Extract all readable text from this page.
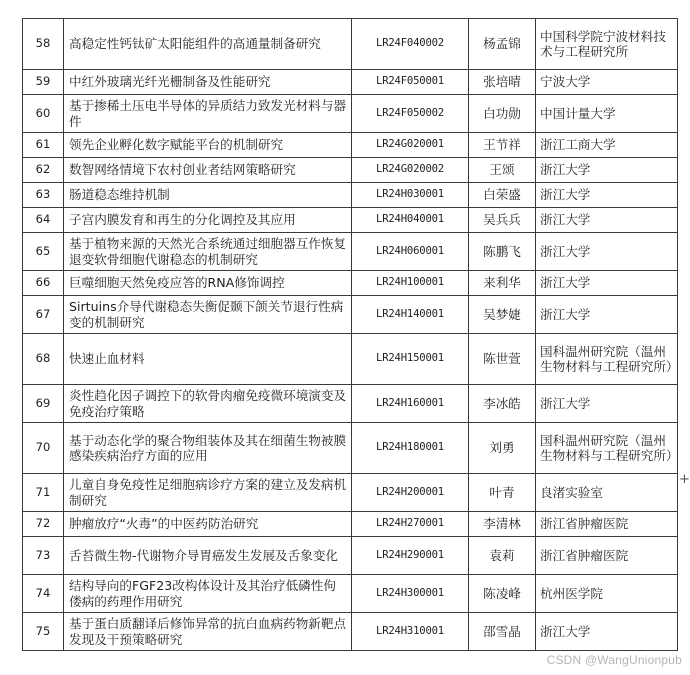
58	高稳定性钙钛矿太阳能组件的高通量制备研究	LR24F040002	杨孟锦	中国科学院宁波材料技术与工程研究所
59	中红外玻璃光纤光栅制备及性能研究	LR24F050001	张培晴	宁波大学
60	基于掺稀土压电半导体的异质结力致发光材料与器件	LR24F050002	白功勋	中国计量大学
61	领先企业孵化数字赋能平台的机制研究	LR24G020001	王节祥	浙江工商大学
62	数智网络情境下农村创业者结网策略研究	LR24G020002	王颂	浙江大学
63	肠道稳态维持机制	LR24H030001	白荣盛	浙江大学
64	子宫内膜发育和再生的分化调控及其应用	LR24H040001	吴兵兵	浙江大学
65	基于植物来源的天然光合系统通过细胞器互作恢复退变软骨细胞代谢稳态的机制研究	LR24H060001	陈鹏飞	浙江大学
66	巨噬细胞天然免疫应答的RNA修饰调控	LR24H100001	来利华	浙江大学
67	Sirtuins介导代谢稳态失衡促颞下颌关节退行性病变的机制研究	LR24H140001	吴梦婕	浙江大学
68	快速止血材料	LR24H150001	陈世萱	国科温州研究院（温州生物材料与工程研究所）
69	炎性趋化因子调控下的软骨肉瘤免疫微环境演变及免疫治疗策略	LR24H160001	李冰皓	浙江大学
70	基于动态化学的聚合物组装体及其在细菌生物被膜感染疾病治疗方面的应用	LR24H180001	刘勇	国科温州研究院（温州生物材料与工程研究所）
71	儿童自身免疫性足细胞病诊疗方案的建立及发病机制研究	LR24H200001	叶青	良渚实验室
72	肿瘤放疗“火毒”的中医药防治研究	LR24H270001	李清林	浙江省肿瘤医院
73	舌苔微生物-代谢物介导胃癌发生发展及舌象变化	LR24H290001	袁莉	浙江省肿瘤医院
74	结构导向的FGF23改构体设计及其治疗低磷性佝偻病的药理作用研究	LR24H300001	陈凌峰	杭州医学院
75	基于蛋白质翻译后修饰异常的抗白血病药物新靶点发现及干预策略研究	LR24H310001	邵雪晶	浙江大学
+
CSDN @WangUnionpub
